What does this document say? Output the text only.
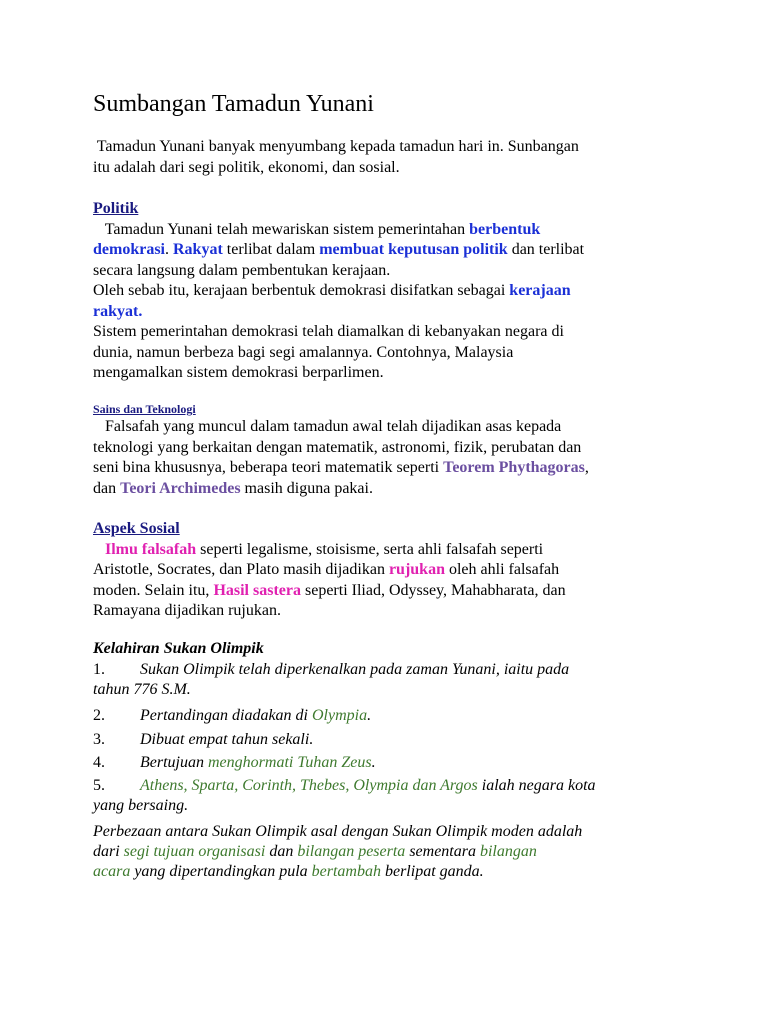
Sumbangan Tamadun Yunani
Tamadun Yunani banyak menyumbang kepada tamadun hari in. Sunbangan
itu adalah dari segi politik, ekonomi, dan sosial.
Politik
Tamadun Yunani telah mewariskan sistem pemerintahan berbentuk
demokrasi. Rakyat terlibat dalam membuat keputusan politik dan terlibat
secara langsung dalam pembentukan kerajaan.
Oleh sebab itu, kerajaan berbentuk demokrasi disifatkan sebagai kerajaan
rakyat.
Sistem pemerintahan demokrasi telah diamalkan di kebanyakan negara di
dunia, namun berbeza bagi segi amalannya. Contohnya, Malaysia
mengamalkan sistem demokrasi berparlimen.
Sains dan Teknologi
Falsafah yang muncul dalam tamadun awal telah dijadikan asas kepada
teknologi yang berkaitan dengan matematik, astronomi, fizik, perubatan dan
seni bina khususnya, beberapa teori matematik seperti Teorem Phythagoras,
dan Teori Archimedes masih diguna pakai.
Aspek Sosial
Ilmu falsafah seperti legalisme, stoisisme, serta ahli falsafah seperti
Aristotle, Socrates, dan Plato masih dijadikan rujukan oleh ahli falsafah
moden. Selain itu, Hasil sastera seperti Iliad, Odyssey, Mahabharata, dan
Ramayana dijadikan rujukan.
Kelahiran Sukan Olimpik
1. Sukan Olimpik telah diperkenalkan pada zaman Yunani, iaitu pada
tahun 776 S.M.
2. Pertandingan diadakan di Olympia.
3. Dibuat empat tahun sekali.
4. Bertujuan menghormati Tuhan Zeus.
5. Athens, Sparta, Corinth, Thebes, Olympia dan Argos ialah negara kota
yang bersaing.
Perbezaan antara Sukan Olimpik asal dengan Sukan Olimpik moden adalah
dari segi tujuan organisasi dan bilangan peserta sementara bilangan
acara yang dipertandingkan pula bertambah berlipat ganda.
